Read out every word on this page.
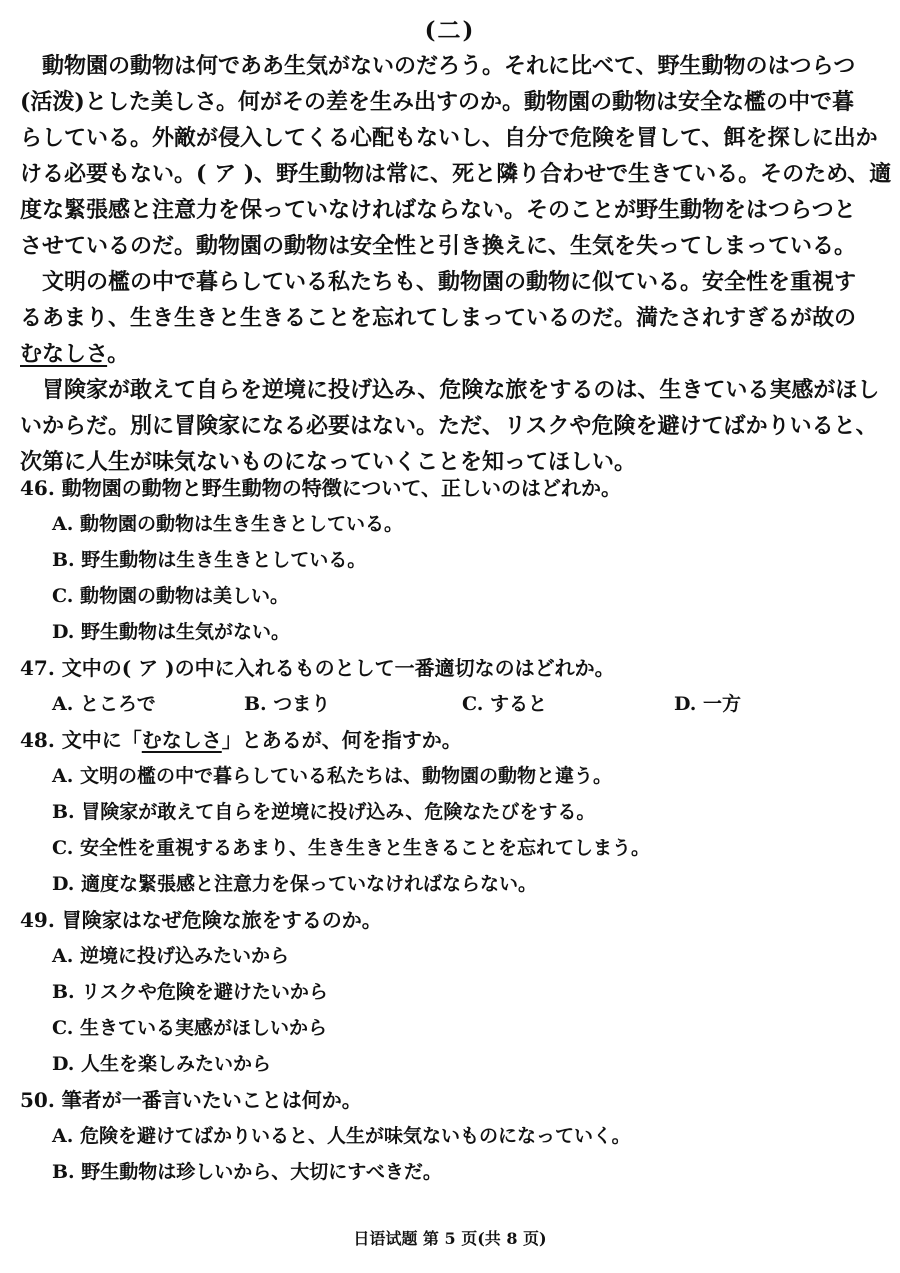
(二)
動物園の動物は何でああ生気がないのだろう。それに比べて、野生動物のはつらつ
(活泼)とした美しさ。何がその差を生み出すのか。動物園の動物は安全な檻の中で暮
らしている。外敵が侵入してくる心配もないし、自分で危険を冒して、餌を探しに出か
ける必要もない。( ア )、野生動物は常に、死と隣り合わせで生きている。そのため、適
度な緊張感と注意力を保っていなければならない。そのことが野生動物をはつらつと
させているのだ。動物園の動物は安全性と引き換えに、生気を失ってしまっている。
文明の檻の中で暮らしている私たちも、動物園の動物に似ている。安全性を重視す
るあまり、生き生きと生きることを忘れてしまっているのだ。満たされすぎるが故の
むなしさ。
冒険家が敢えて自らを逆境に投げ込み、危険な旅をするのは、生きている実感がほし
いからだ。別に冒険家になる必要はない。ただ、リスクや危険を避けてばかりいると、
次第に人生が味気ないものになっていくことを知ってほしい。
46. 動物園の動物と野生動物の特徴について、正しいのはどれか。
A. 動物園の動物は生き生きとしている。
B. 野生動物は生き生きとしている。
C. 動物園の動物は美しい。
D. 野生動物は生気がない。
47. 文中の( ア )の中に入れるものとして一番適切なのはどれか。
A. ところで	B. つまり	C. すると	D. 一方
48. 文中に「むなしさ」とあるが、何を指すか。
A. 文明の檻の中で暮らしている私たちは、動物園の動物と違う。
B. 冒険家が敢えて自らを逆境に投げ込み、危険なたびをする。
C. 安全性を重視するあまり、生き生きと生きることを忘れてしまう。
D. 適度な緊張感と注意力を保っていなければならない。
49. 冒険家はなぜ危険な旅をするのか。
A. 逆境に投げ込みたいから
B. リスクや危険を避けたいから
C. 生きている実感がほしいから
D. 人生を楽しみたいから
50. 筆者が一番言いたいことは何か。
A. 危険を避けてばかりいると、人生が味気ないものになっていく。
B. 野生動物は珍しいから、大切にすべきだ。
日语试题 第 5 页(共 8 页)
